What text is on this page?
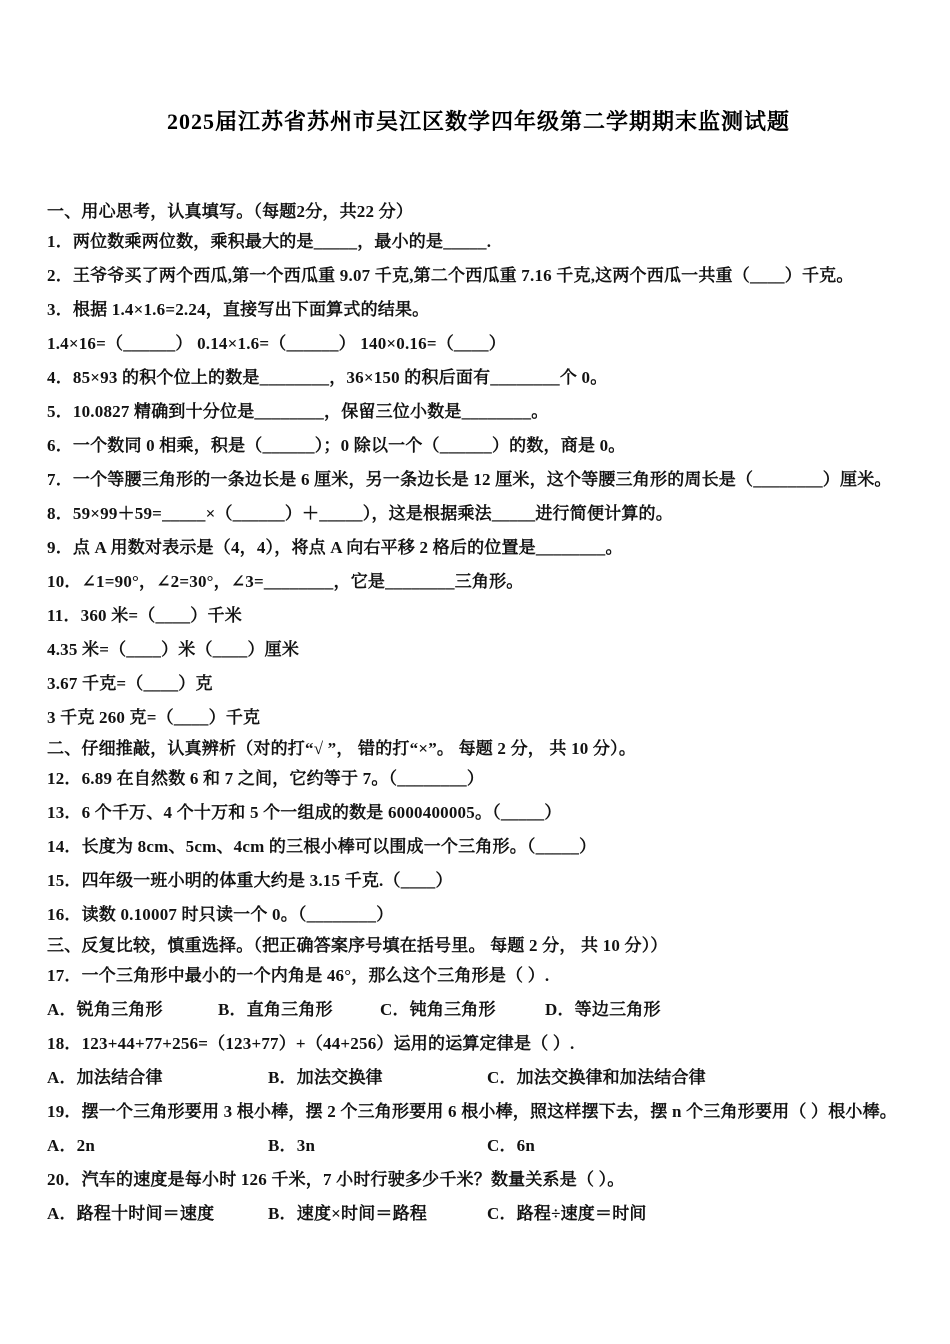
2025届江苏省苏州市吴江区数学四年级第二学期期末监测试题

一、用心思考，认真填写。（每题2分，共22 分）

1．两位数乘两位数，乘积最大的是_____，最小的是_____.

2．王爷爷买了两个西瓜,第一个西瓜重 9.07 千克,第二个西瓜重 7.16 千克,这两个西瓜一共重（____）千克。

3．根据 1.4×1.6=2.24，直接写出下面算式的结果。

1.4×16=（______） 0.14×1.6=（______） 140×0.16=（____）

4．85×93 的积个位上的数是________，36×150 的积后面有________个 0。

5．10.0827 精确到十分位是________，保留三位小数是________。

6．一个数同 0 相乘，积是（______）；0 除以一个（______）的数，商是 0。

7．一个等腰三角形的一条边长是 6 厘米，另一条边长是 12 厘米，这个等腰三角形的周长是（________）厘米。

8．59×99＋59=_____×（______）＋_____），这是根据乘法_____进行简便计算的。

9．点 A 用数对表示是（4，4），将点 A 向右平移 2 格后的位置是________。

10．∠1=90°，∠2=30°，∠3=________，它是________三角形。

11．360 米=（____）千米

4.35 米=（____）米（____）厘米

3.67 千克=（____）克

3 千克 260 克=（____）千克

二、仔细推敲，认真辨析（对的打“√ ”， 错的打“×”。 每题 2 分， 共 10 分）。

12．6.89 在自然数 6 和 7 之间，它约等于 7。（________）

13．6 个千万、4 个十万和 5 个一组成的数是 6000400005。（_____）

14．长度为 8cm、5cm、4cm 的三根小棒可以围成一个三角形。（_____）

15．四年级一班小明的体重大约是 3.15 千克.（____）

16．读数 0.10007 时只读一个 0。（________）

三、反复比较，慎重选择。（把正确答案序号填在括号里。 每题 2 分， 共 10 分））

17．一个三角形中最小的一个内角是 46°，那么这个三角形是（ ）.

A．锐角三角形	B．直角三角形	C．钝角三角形	D．等边三角形

18．123+44+77+256=（123+77）+（44+256）运用的运算定律是（ ）.

A．加法结合律	B．加法交换律	C．加法交换律和加法结合律

19．摆一个三角形要用 3 根小棒，摆 2 个三角形要用 6 根小棒，照这样摆下去，摆 n 个三角形要用（ ）根小棒。

A．2n	B．3n	C．6n

20．汽车的速度是每小时 126 千米，7 小时行驶多少千米？数量关系是（ ）。

A．路程十时间＝速度	B．速度×时间＝路程	C．路程÷速度＝时间
